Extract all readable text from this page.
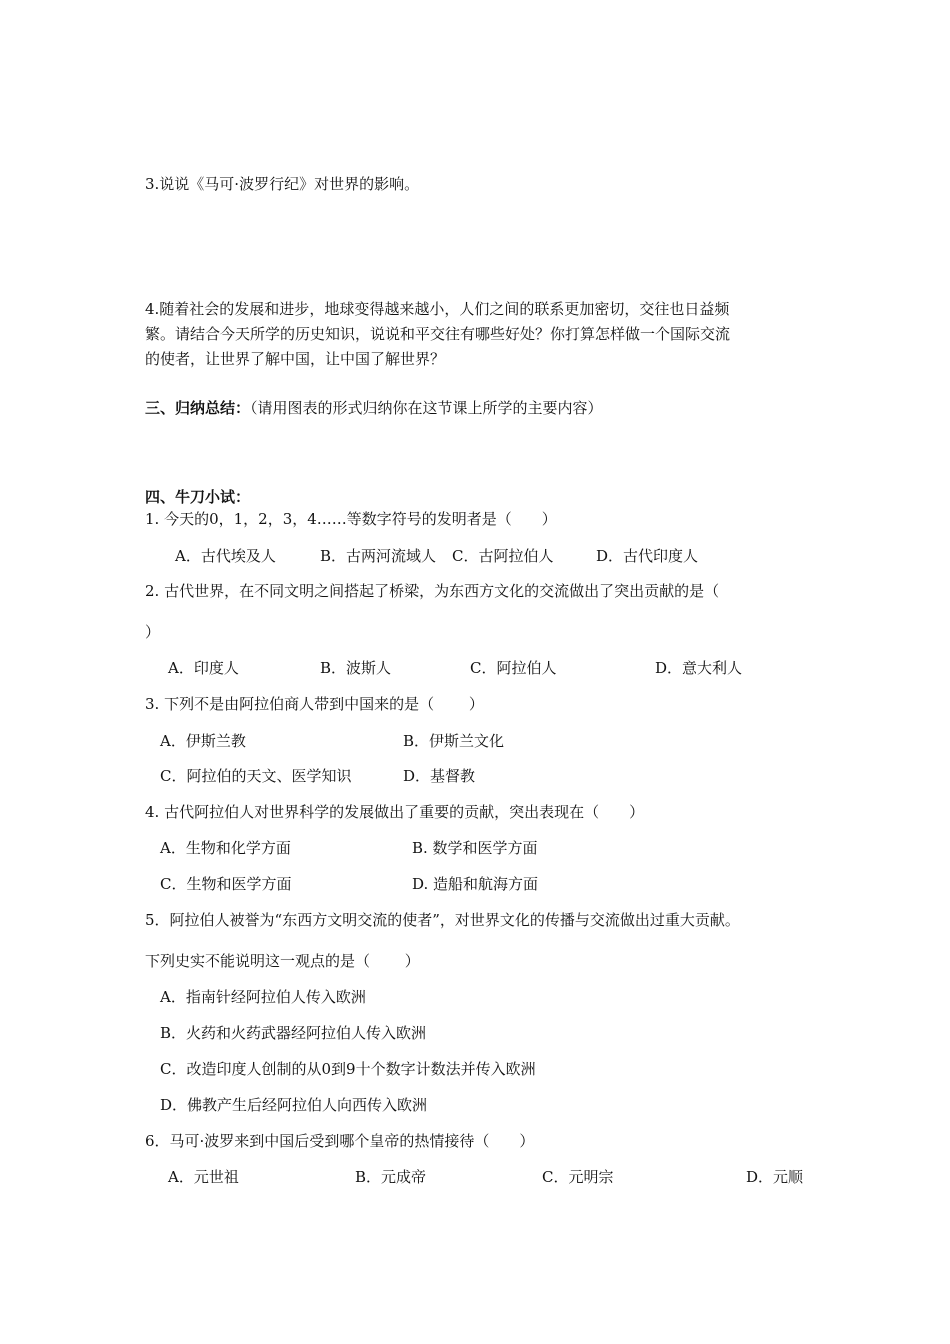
3.说说《马可·波罗行纪》对世界的影响。
4.随着社会的发展和进步，地球变得越来越小，人们之间的联系更加密切，交往也日益频
繁。请结合今天所学的历史知识，说说和平交往有哪些好处？你打算怎样做一个国际交流
的使者，让世界了解中国，让中国了解世界？
三、归纳总结：（请用图表的形式归纳你在这节课上所学的主要内容）
四、牛刀小试：
1. 今天的0，1，2，3，4……等数字符号的发明者是（　　）
A．古代埃及人	B．古两河流域人 C．古阿拉伯人	D．古代印度人
2. 古代世界，在不同文明之间搭起了桥梁，为东西方文化的交流做出了突出贡献的是（
）
A．印度人	B．波斯人	C．阿拉伯人	D．意大利人
3. 下列不是由阿拉伯商人带到中国来的是（　　 ）
A．伊斯兰教	B．伊斯兰文化
C．阿拉伯的天文、医学知识	D．基督教
4. 古代阿拉伯人对世界科学的发展做出了重要的贡献，突出表现在（　　）
A．生物和化学方面	B. 数学和医学方面
C．生物和医学方面	D. 造船和航海方面
5．阿拉伯人被誉为“东西方文明交流的使者”，对世界文化的传播与交流做出过重大贡献。
下列史实不能说明这一观点的是（　　 ）
A．指南针经阿拉伯人传入欧洲
B．火药和火药武器经阿拉伯人传入欧洲
C．改造印度人创制的从0到9十个数字计数法并传入欧洲
D．佛教产生后经阿拉伯人向西传入欧洲
6．马可·波罗来到中国后受到哪个皇帝的热情接待（　　）
A．元世祖	B．元成帝	C．元明宗	D．元顺
